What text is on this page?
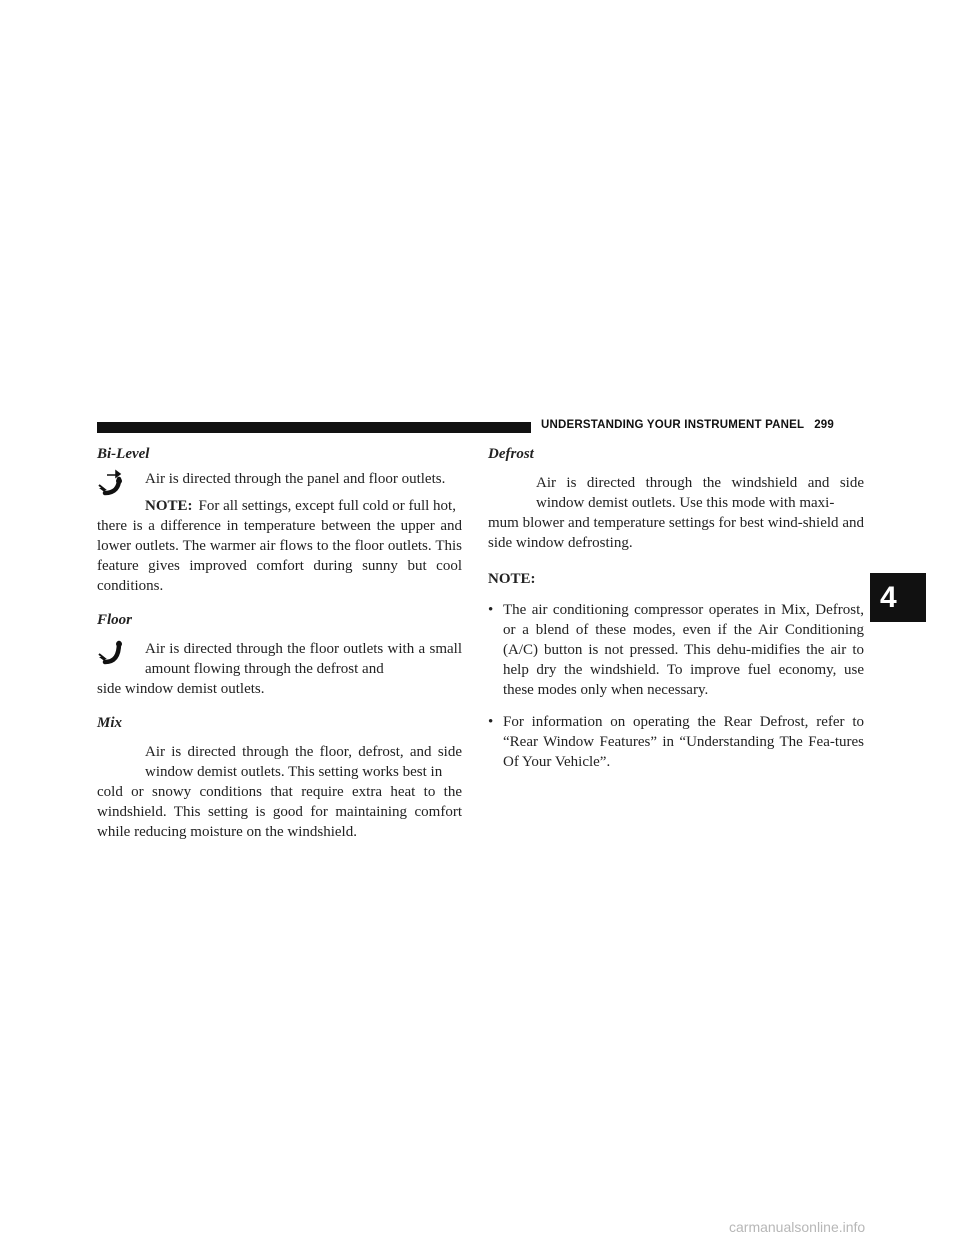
UNDERSTANDING YOUR INSTRUMENT PANEL 299
4

Bi-Level

Air is directed through the panel and floor outlets.

NOTE: For all settings, except full cold or full hot,

there is a difference in temperature between the upper and lower outlets. The warmer air flows to the floor outlets. This feature gives improved comfort during sunny but cool conditions.

Floor

Air is directed through the floor outlets with a small amount flowing through the defrost and

side window demist outlets.

Mix

Air is directed through the floor, defrost, and side window demist outlets. This setting works best in

cold or snowy conditions that require extra heat to the windshield. This setting is good for maintaining comfort while reducing moisture on the windshield.

Defrost

Air is directed through the windshield and side window demist outlets. Use this mode with maxi-

mum blower and temperature settings for best wind-shield and side window defrosting.

NOTE:

• The air conditioning compressor operates in Mix, Defrost, or a blend of these modes, even if the Air Conditioning (A/C) button is not pressed. This dehu-midifies the air to help dry the windshield. To improve fuel economy, use these modes only when necessary.
• For information on operating the Rear Defrost, refer to “Rear Window Features” in “Understanding The Fea-tures Of Your Vehicle”.
carmanualsonline.info
